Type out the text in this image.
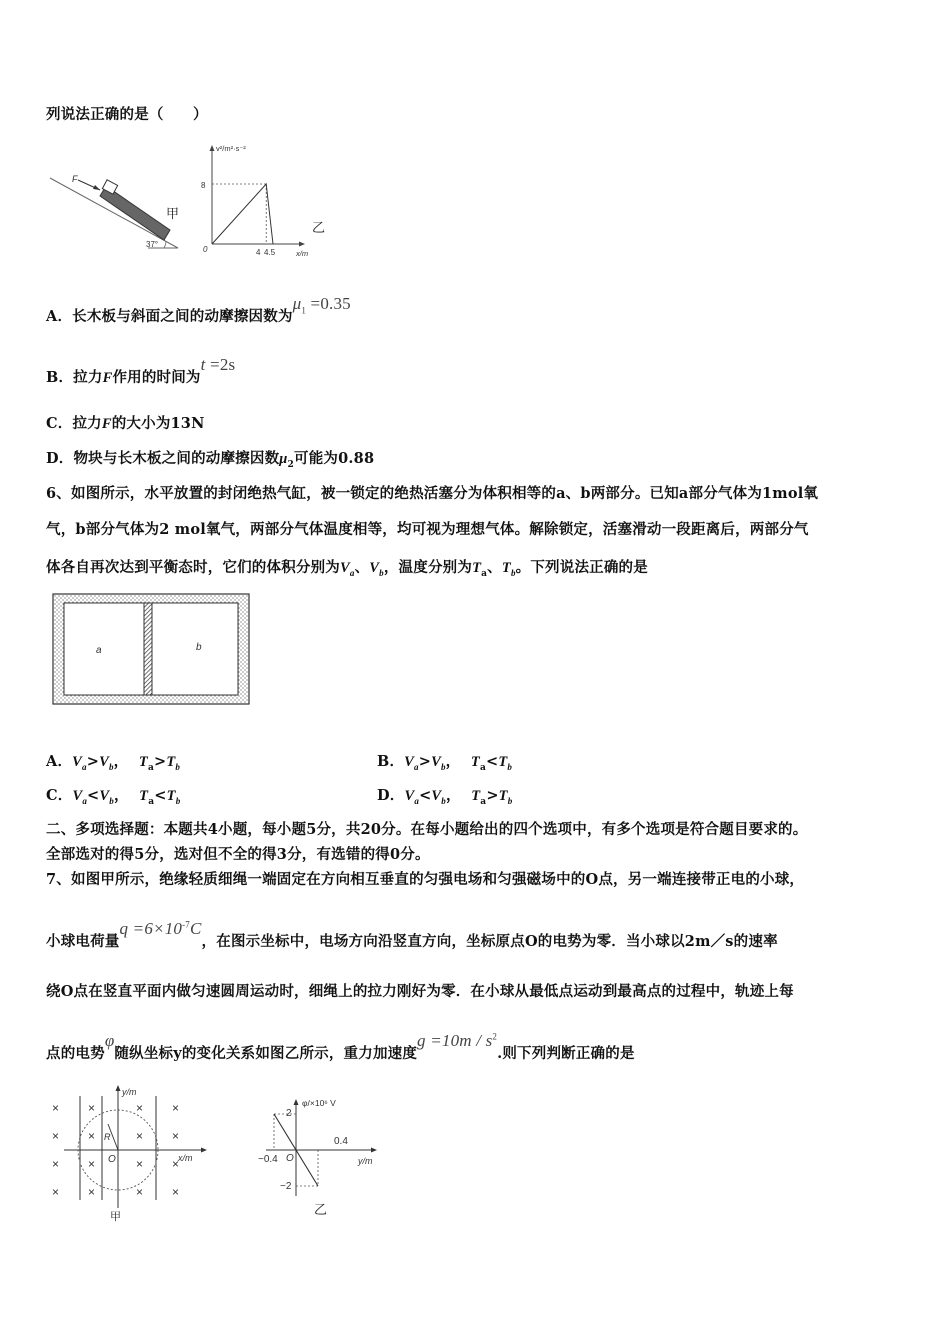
列说法正确的是（　　）
F
37°
甲
v²/m²·s⁻²
x/m
0
8
4 4.5
乙
A．长木板与斜面之间的动摩擦因数为$\mu_1 =0.35$
B．拉力F作用的时间为t =2s
C．拉力F的大小为13N
D．物块与长木板之间的动摩擦因数$\mu_2$可能为0.88
6、如图所示，水平放置的封闭绝热气缸，被一锁定的绝热活塞分为体积相等的a、b两部分。已知a部分气体为1mol氧
气，b部分气体为2 mol氧气，两部分气体温度相等，均可视为理想气体。解除锁定，活塞滑动一段距离后，两部分气
体各自再次达到平衡态时，它们的体积分别为$V_a$、$V_b$，温度分别为$T_a$、$T_b$。下列说法正确的是
a	b
A．$V_a>V_b$， $T_a>T_b$	B．$V_a>V_b$， $T_a<T_b$
C．$V_a<V_b$， $T_a<T_b$	D．$V_a<V_b$， $T_a>T_b$
二、多项选择题：本题共4小题，每小题5分，共20分。在每小题给出的四个选项中，有多个选项是符合题目要求的。
全部选对的得5分，选对但不全的得3分，有选错的得0分。
7、如图甲所示，绝缘轻质细绳一端固定在方向相互垂直的匀强电场和匀强磁场中的O点，另一端连接带正电的小球，
小球电荷量$q =6\times 10^{-7}C$，在图示坐标中，电场方向沿竖直方向，坐标原点O的电势为零．当小球以2m／s的速率
绕O点在竖直平面内做匀速圆周运动时，细绳上的拉力刚好为零．在小球从最低点运动到最高点的过程中，轨迹上每
点的电势φ随纵坐标y的变化关系如图乙所示，重力加速度$g =10m / s^2$.则下列判断正确的是
× ×	× ×
× ×	× ×
× ×	× ×
× ×	× ×
y/m
x/m
O
R
甲
φ/×10⁶ V
y/m
O
2
−2
0.4
−0.4
乙
